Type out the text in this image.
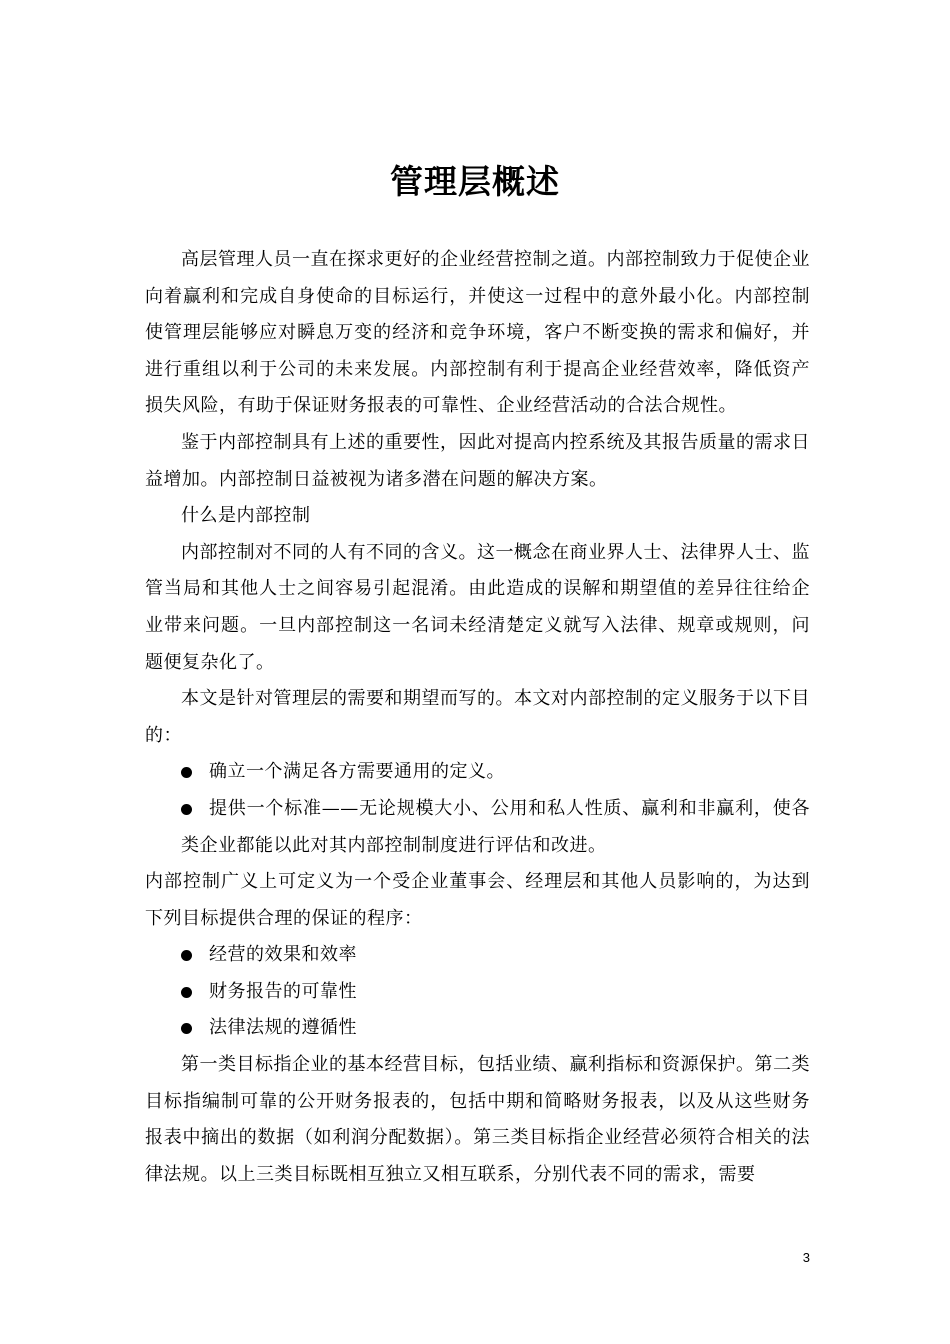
管理层概述

高层管理人员一直在探求更好的企业经营控制之道。内部控制致力于促使企业向着赢利和完成自身使命的目标运行，并使这一过程中的意外最小化。内部控制使管理层能够应对瞬息万变的经济和竞争环境，客户不断变换的需求和偏好，并进行重组以利于公司的未来发展。内部控制有利于提高企业经营效率，降低资产损失风险，有助于保证财务报表的可靠性、企业经营活动的合法合规性。

鉴于内部控制具有上述的重要性，因此对提高内控系统及其报告质量的需求日益增加。内部控制日益被视为诸多潜在问题的解决方案。

什么是内部控制

内部控制对不同的人有不同的含义。这一概念在商业界人士、法律界人士、监管当局和其他人士之间容易引起混淆。由此造成的误解和期望值的差异往往给企业带来问题。一旦内部控制这一名词未经清楚定义就写入法律、规章或规则，问题便复杂化了。

本文是针对管理层的需要和期望而写的。本文对内部控制的定义服务于以下目的：

确立一个满足各方需要通用的定义。
提供一个标准——无论规模大小、公用和私人性质、赢利和非赢利，使各类企业都能以此对其内部控制制度进行评估和改进。

内部控制广义上可定义为一个受企业董事会、经理层和其他人员影响的，为达到下列目标提供合理的保证的程序：

经营的效果和效率
财务报告的可靠性
法律法规的遵循性

第一类目标指企业的基本经营目标，包括业绩、赢利指标和资源保护。第二类目标指编制可靠的公开财务报表的，包括中期和简略财务报表，以及从这些财务报表中摘出的数据（如利润分配数据）。第三类目标指企业经营必须符合相关的法律法规。以上三类目标既相互独立又相互联系，分别代表不同的需求，需要

3
